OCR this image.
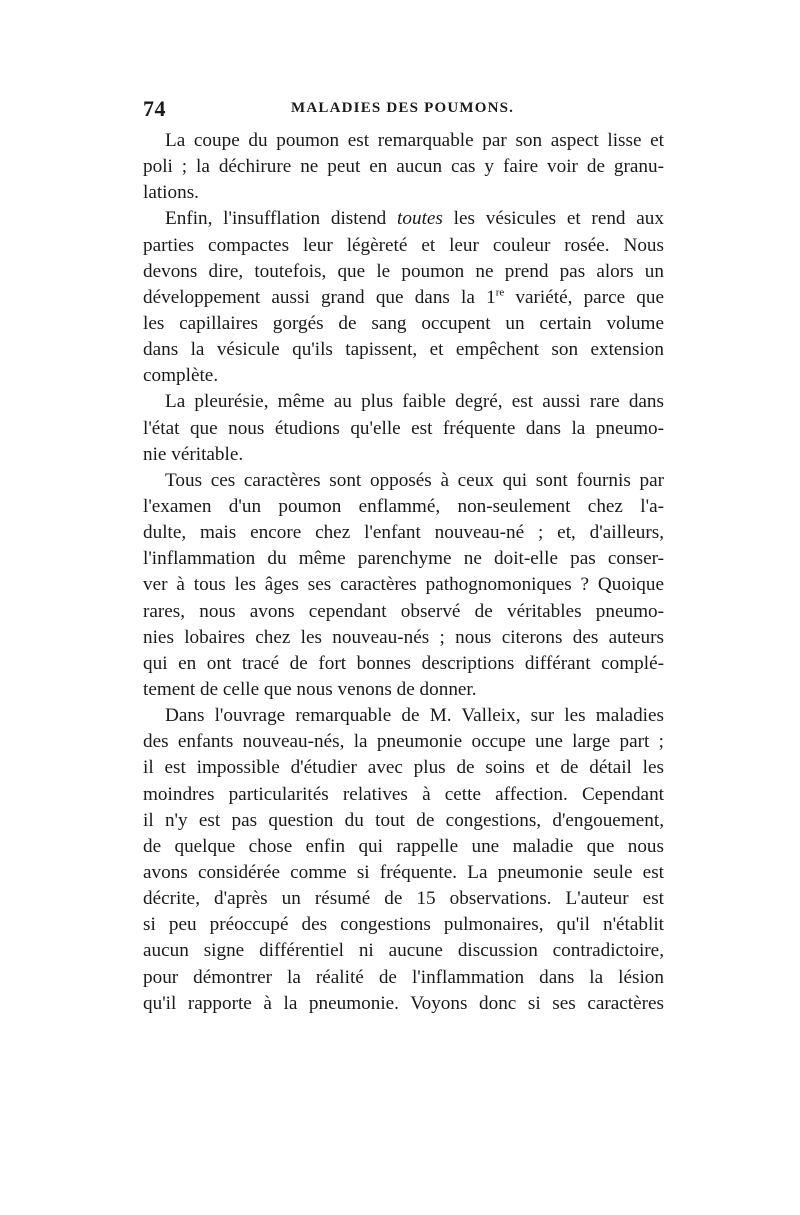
74	MALADIES DES POUMONS.
La coupe du poumon est remarquable par son aspect lisse et
poli ; la déchirure ne peut en aucun cas y faire voir de granu-
lations.
Enfin, l'insufflation distend toutes les vésicules et rend aux
parties compactes leur légèreté et leur couleur rosée. Nous
devons dire, toutefois, que le poumon ne prend pas alors un
développement aussi grand que dans la 1re variété, parce que
les capillaires gorgés de sang occupent un certain volume
dans la vésicule qu'ils tapissent, et empêchent son extension
complète.
La pleurésie, même au plus faible degré, est aussi rare dans
l'état que nous étudions qu'elle est fréquente dans la pneumo-
nie véritable.
Tous ces caractères sont opposés à ceux qui sont fournis par
l'examen d'un poumon enflammé, non-seulement chez l'a-
dulte, mais encore chez l'enfant nouveau-né ; et, d'ailleurs,
l'inflammation du même parenchyme ne doit-elle pas conser-
ver à tous les âges ses caractères pathognomoniques ? Quoique
rares, nous avons cependant observé de véritables pneumo-
nies lobaires chez les nouveau-nés ; nous citerons des auteurs
qui en ont tracé de fort bonnes descriptions différant complé-
tement de celle que nous venons de donner.
Dans l'ouvrage remarquable de M. Valleix, sur les maladies
des enfants nouveau-nés, la pneumonie occupe une large part ;
il est impossible d'étudier avec plus de soins et de détail les
moindres particularités relatives à cette affection. Cependant
il n'y est pas question du tout de congestions, d'engouement,
de quelque chose enfin qui rappelle une maladie que nous
avons considérée comme si fréquente. La pneumonie seule est
décrite, d'après un résumé de 15 observations. L'auteur est
si peu préoccupé des congestions pulmonaires, qu'il n'établit
aucun signe différentiel ni aucune discussion contradictoire,
pour démontrer la réalité de l'inflammation dans la lésion
qu'il rapporte à la pneumonie. Voyons donc si ses caractères
